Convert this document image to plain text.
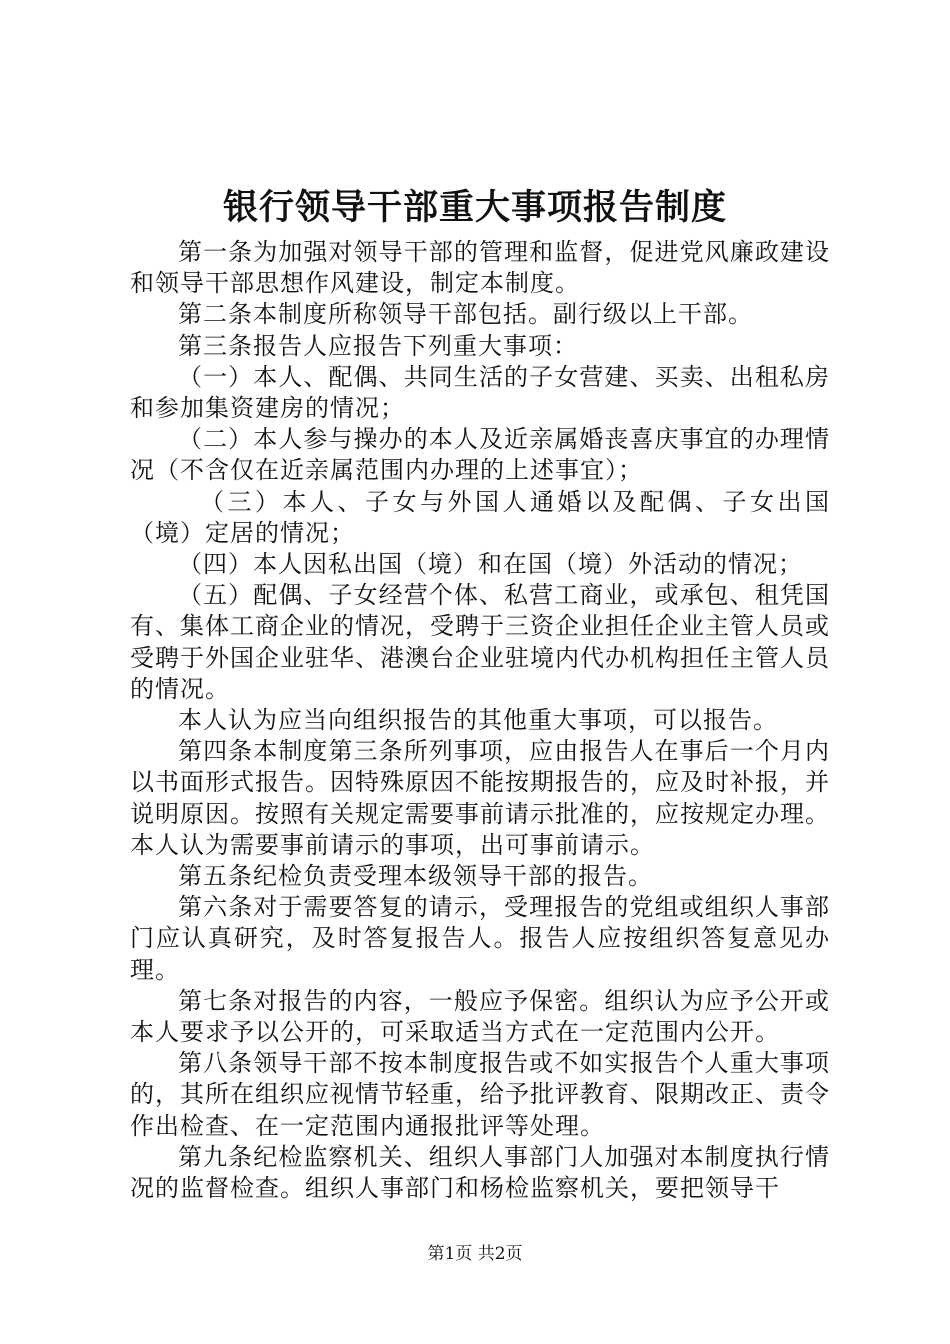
银行领导干部重大事项报告制度

第一条为加强对领导干部的管理和监督，促进党风廉政建设和领导干部思想作风建设，制定本制度。

第二条本制度所称领导干部包括。副行级以上干部。

第三条报告人应报告下列重大事项：

（一）本人、配偶、共同生活的子女营建、买卖、出租私房和参加集资建房的情况；

（二）本人参与操办的本人及近亲属婚丧喜庆事宜的办理情况（不含仅在近亲属范围内办理的上述事宜）；

（三）本人、子女与外国人通婚以及配偶、子女出国（境）定居的情况；

（四）本人因私出国（境）和在国（境）外活动的情况；

（五）配偶、子女经营个体、私营工商业，或承包、租凭国有、集体工商企业的情况，受聘于三资企业担任企业主管人员或受聘于外国企业驻华、港澳台企业驻境内代办机构担任主管人员的情况。

本人认为应当向组织报告的其他重大事项，可以报告。

第四条本制度第三条所列事项，应由报告人在事后一个月内以书面形式报告。因特殊原因不能按期报告的，应及时补报，并说明原因。按照有关规定需要事前请示批准的，应按规定办理。本人认为需要事前请示的事项，出可事前请示。

第五条纪检负责受理本级领导干部的报告。

第六条对于需要答复的请示，受理报告的党组或组织人事部门应认真研究，及时答复报告人。报告人应按组织答复意见办理。

第七条对报告的内容，一般应予保密。组织认为应予公开或本人要求予以公开的，可采取适当方式在一定范围内公开。

第八条领导干部不按本制度报告或不如实报告个人重大事项的，其所在组织应视情节轻重，给予批评教育、限期改正、责令作出检查、在一定范围内通报批评等处理。

第九条纪检监察机关、组织人事部门人加强对本制度执行情况的监督检查。组织人事部门和杨检监察机关，要把领导干

第1页 共2页
